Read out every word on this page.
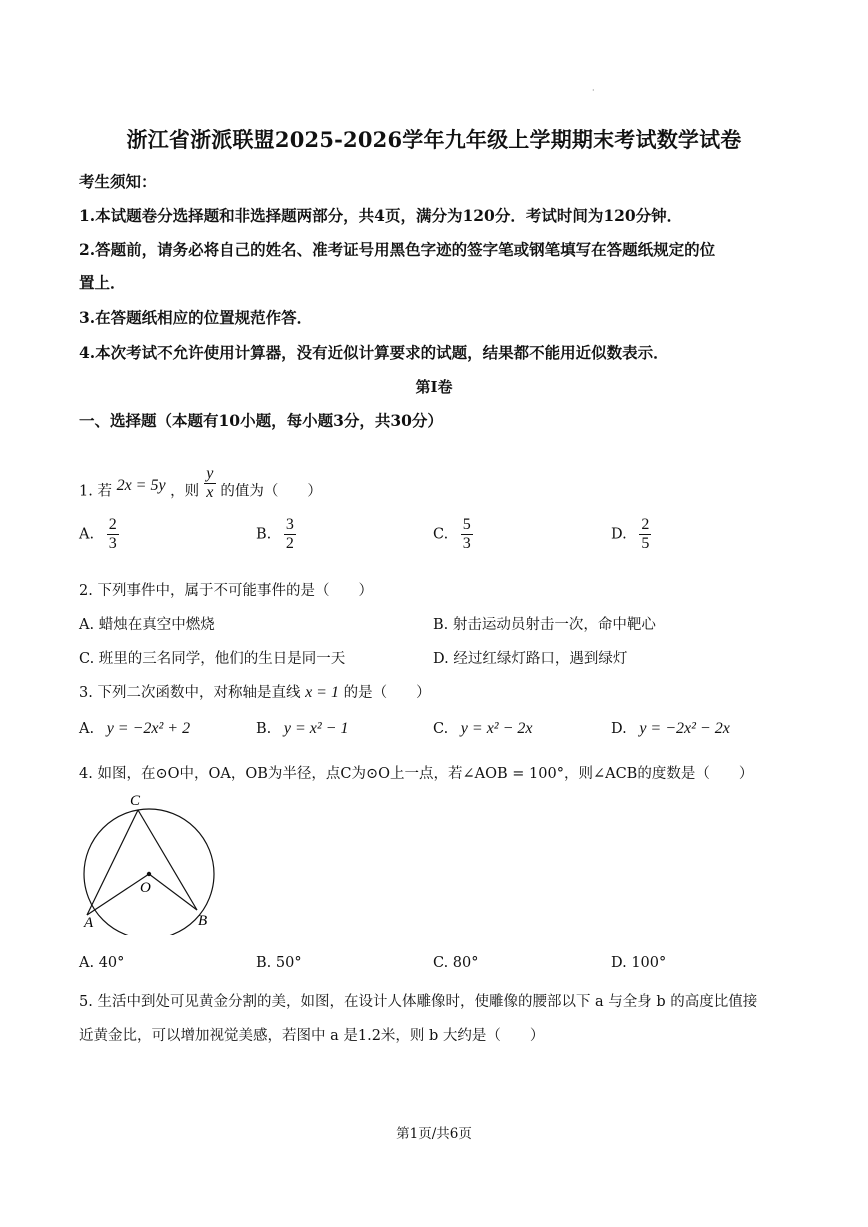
·
浙江省浙派联盟2025-2026学年九年级上学期期末考试数学试卷
考生须知：
1.本试题卷分选择题和非选择题两部分，共4页，满分为120分．考试时间为120分钟．
2.答题前，请务必将自己的姓名、准考证号用黑色字迹的签字笔或钢笔填写在答题纸规定的位
置上．
3.在答题纸相应的位置规范作答．
4.本次考试不允许使用计算器，没有近似计算要求的试题，结果都不能用近似数表示．
第I卷
一、选择题（本题有10小题，每小题3分，共30分）
1. 若 2x = 5y ，则 $\frac{y}{x}$ 的值为（　　）
A. $\frac{2}{3}$	B. $\frac{3}{2}$	C. $\frac{5}{3}$	D. $\frac{2}{5}$
2. 下列事件中，属于不可能事件的是（　　）
A. 蜡烛在真空中燃烧	B. 射击运动员射击一次，命中靶心
C. 班里的三名同学，他们的生日是同一天	D. 经过红绿灯路口，遇到绿灯
3. 下列二次函数中，对称轴是直线 x = 1 的是（　　）
A. y = −2x² + 2	B. y = x² − 1	C. y = x² − 2x	D. y = −2x² − 2x
4. 如图，在⊙O中，OA，OB为半径，点C为⊙O上一点，若∠AOB = 100°，则∠ACB的度数是（　　）
C
O
A	B
A. 40°	B. 50°	C. 80°	D. 100°
5. 生活中到处可见黄金分割的美，如图，在设计人体雕像时，使雕像的腰部以下 a 与全身 b 的高度比值接
近黄金比，可以增加视觉美感，若图中 a 是1.2米，则 b 大约是（　　）
第1页/共6页
